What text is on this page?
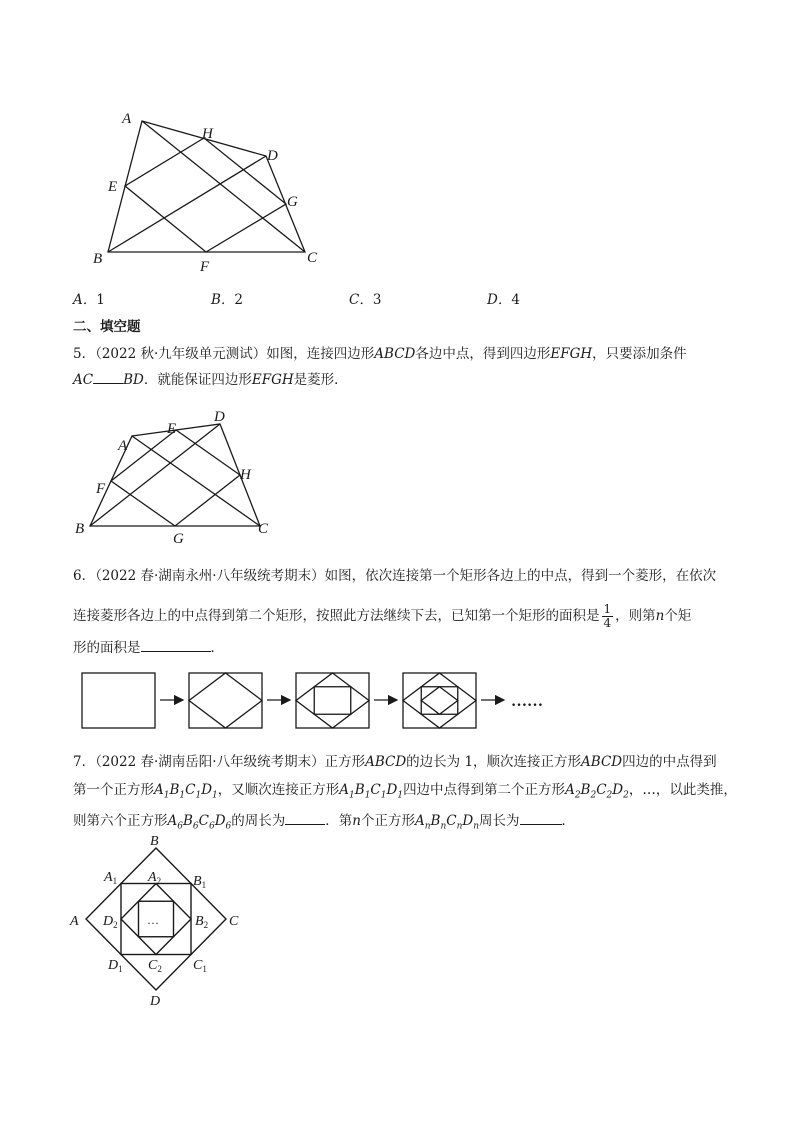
A
H
D
E
G
B	F
C
A．1	B．2	C．3	D．4
二、填空题
5．（2022 秋·九年级单元测试）如图，连接四边形ABCD各边中点，得到四边形EFGH，只要添加条件
AC BD．就能保证四边形EFGH是菱形．
A
E
D
H
F
B
G
C
6．（2022 春·湖南永州·八年级统考期末）如图，依次连接第一个矩形各边上的中点，得到一个菱形，在依次
连接菱形各边上的中点得到第二个矩形，按照此方法继续下去，已知第一个矩形的面积是 $\frac{1}{4}$ ，则第n个矩
形的面积是	．
……
7．（2022 春·湖南岳阳·八年级统考期末）正方形ABCD的边长为 1，顺次连接正方形ABCD四边的中点得到
第一个正方形$A_1B_1C_1D_1$，又顺次连接正方形$A_1B_1C_1D_1$四边中点得到第二个正方形$A_2B_2C_2D_2$，…，以此类推，
则第六个正方形$A_6B_6C_6D_6$的周长为	．第n个正方形$A_nB_nC_nD_n$周长为	．
…
B
A	C
D
$A_1$ $A_2$ $B_1$
$D_2$	$B_2$
$D_1$ $C_2$ $C_1$
